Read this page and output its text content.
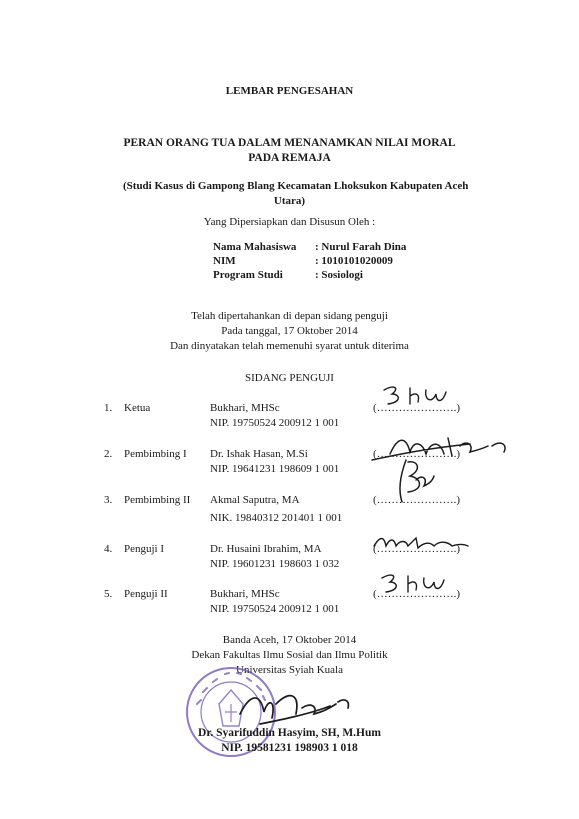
LEMBAR PENGESAHAN
PERAN ORANG TUA DALAM MENANAMKAN NILAI MORAL
PADA REMAJA
(Studi Kasus di Gampong Blang Kecamatan Lhoksukon Kabupaten Aceh
Utara)
Yang Dipersiapkan dan Disusun Oleh :
Nama Mahasiswa : Nurul Farah Dina
NIM	: 1010101020009
Program Studi	: Sosiologi
Telah dipertahankan di depan sidang penguji
Pada tanggal, 17 Oktober 2014
Dan dinyatakan telah memenuhi syarat untuk diterima
SIDANG PENGUJI
1. Ketua	Bukhari, MHSc
NIP. 19750524 200912 1 001
(………………….)
2. Pembimbing I Dr. Ishak Hasan, M.Si
NIP. 19641231 198609 1 001
(………………….)
3. Pembimbing II Akmal Saputra, MA
NIK. 19840312 201401 1 001
(………………….)
4. Penguji I	Dr. Husaini Ibrahim, MA
NIP. 19601231 198603 1 032
(………………….)
5. Penguji II	Bukhari, MHSc
NIP. 19750524 200912 1 001
(………………….)
Banda Aceh, 17 Oktober 2014
Dekan Fakultas Ilmu Sosial dan Ilmu Politik
Universitas Syiah Kuala
Dr. Syarifuddin Hasyim, SH, M.Hum
NIP. 19581231 198903 1 018
